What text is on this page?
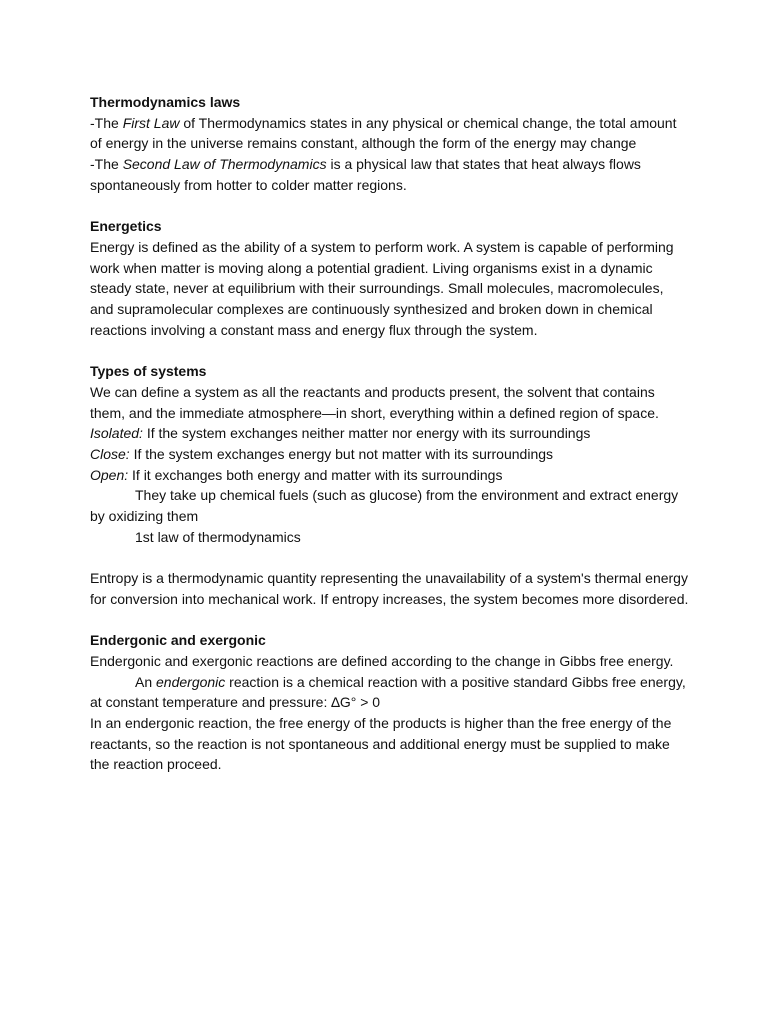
Thermodynamics laws

-The First Law of Thermodynamics states in any physical or chemical change, the total amount of energy in the universe remains constant, although the form of the energy may change

-The Second Law of Thermodynamics is a physical law that states that heat always flows spontaneously from hotter to colder matter regions.

Energetics

Energy is defined as the ability of a system to perform work. A system is capable of performing work when matter is moving along a potential gradient. Living organisms exist in a dynamic steady state, never at equilibrium with their surroundings. Small molecules, macromolecules, and supramolecular complexes are continuously synthesized and broken down in chemical reactions involving a constant mass and energy flux through the system.

Types of systems

We can define a system as all the reactants and products present, the solvent that contains them, and the immediate atmosphere—in short, everything within a defined region of space.

Isolated: If the system exchanges neither matter nor energy with its surroundings

Close: If the system exchanges energy but not matter with its surroundings

Open: If it exchanges both energy and matter with its surroundings

They take up chemical fuels (such as glucose) from the environment and extract energy by oxidizing them

1st law of thermodynamics

Entropy is a thermodynamic quantity representing the unavailability of a system's thermal energy for conversion into mechanical work. If entropy increases, the system becomes more disordered.

Endergonic and exergonic

Endergonic and exergonic reactions are defined according to the change in Gibbs free energy.

An endergonic reaction is a chemical reaction with a positive standard Gibbs free energy, at constant temperature and pressure: ∆G° > 0

In an endergonic reaction, the free energy of the products is higher than the free energy of the reactants, so the reaction is not spontaneous and additional energy must be supplied to make the reaction proceed.
